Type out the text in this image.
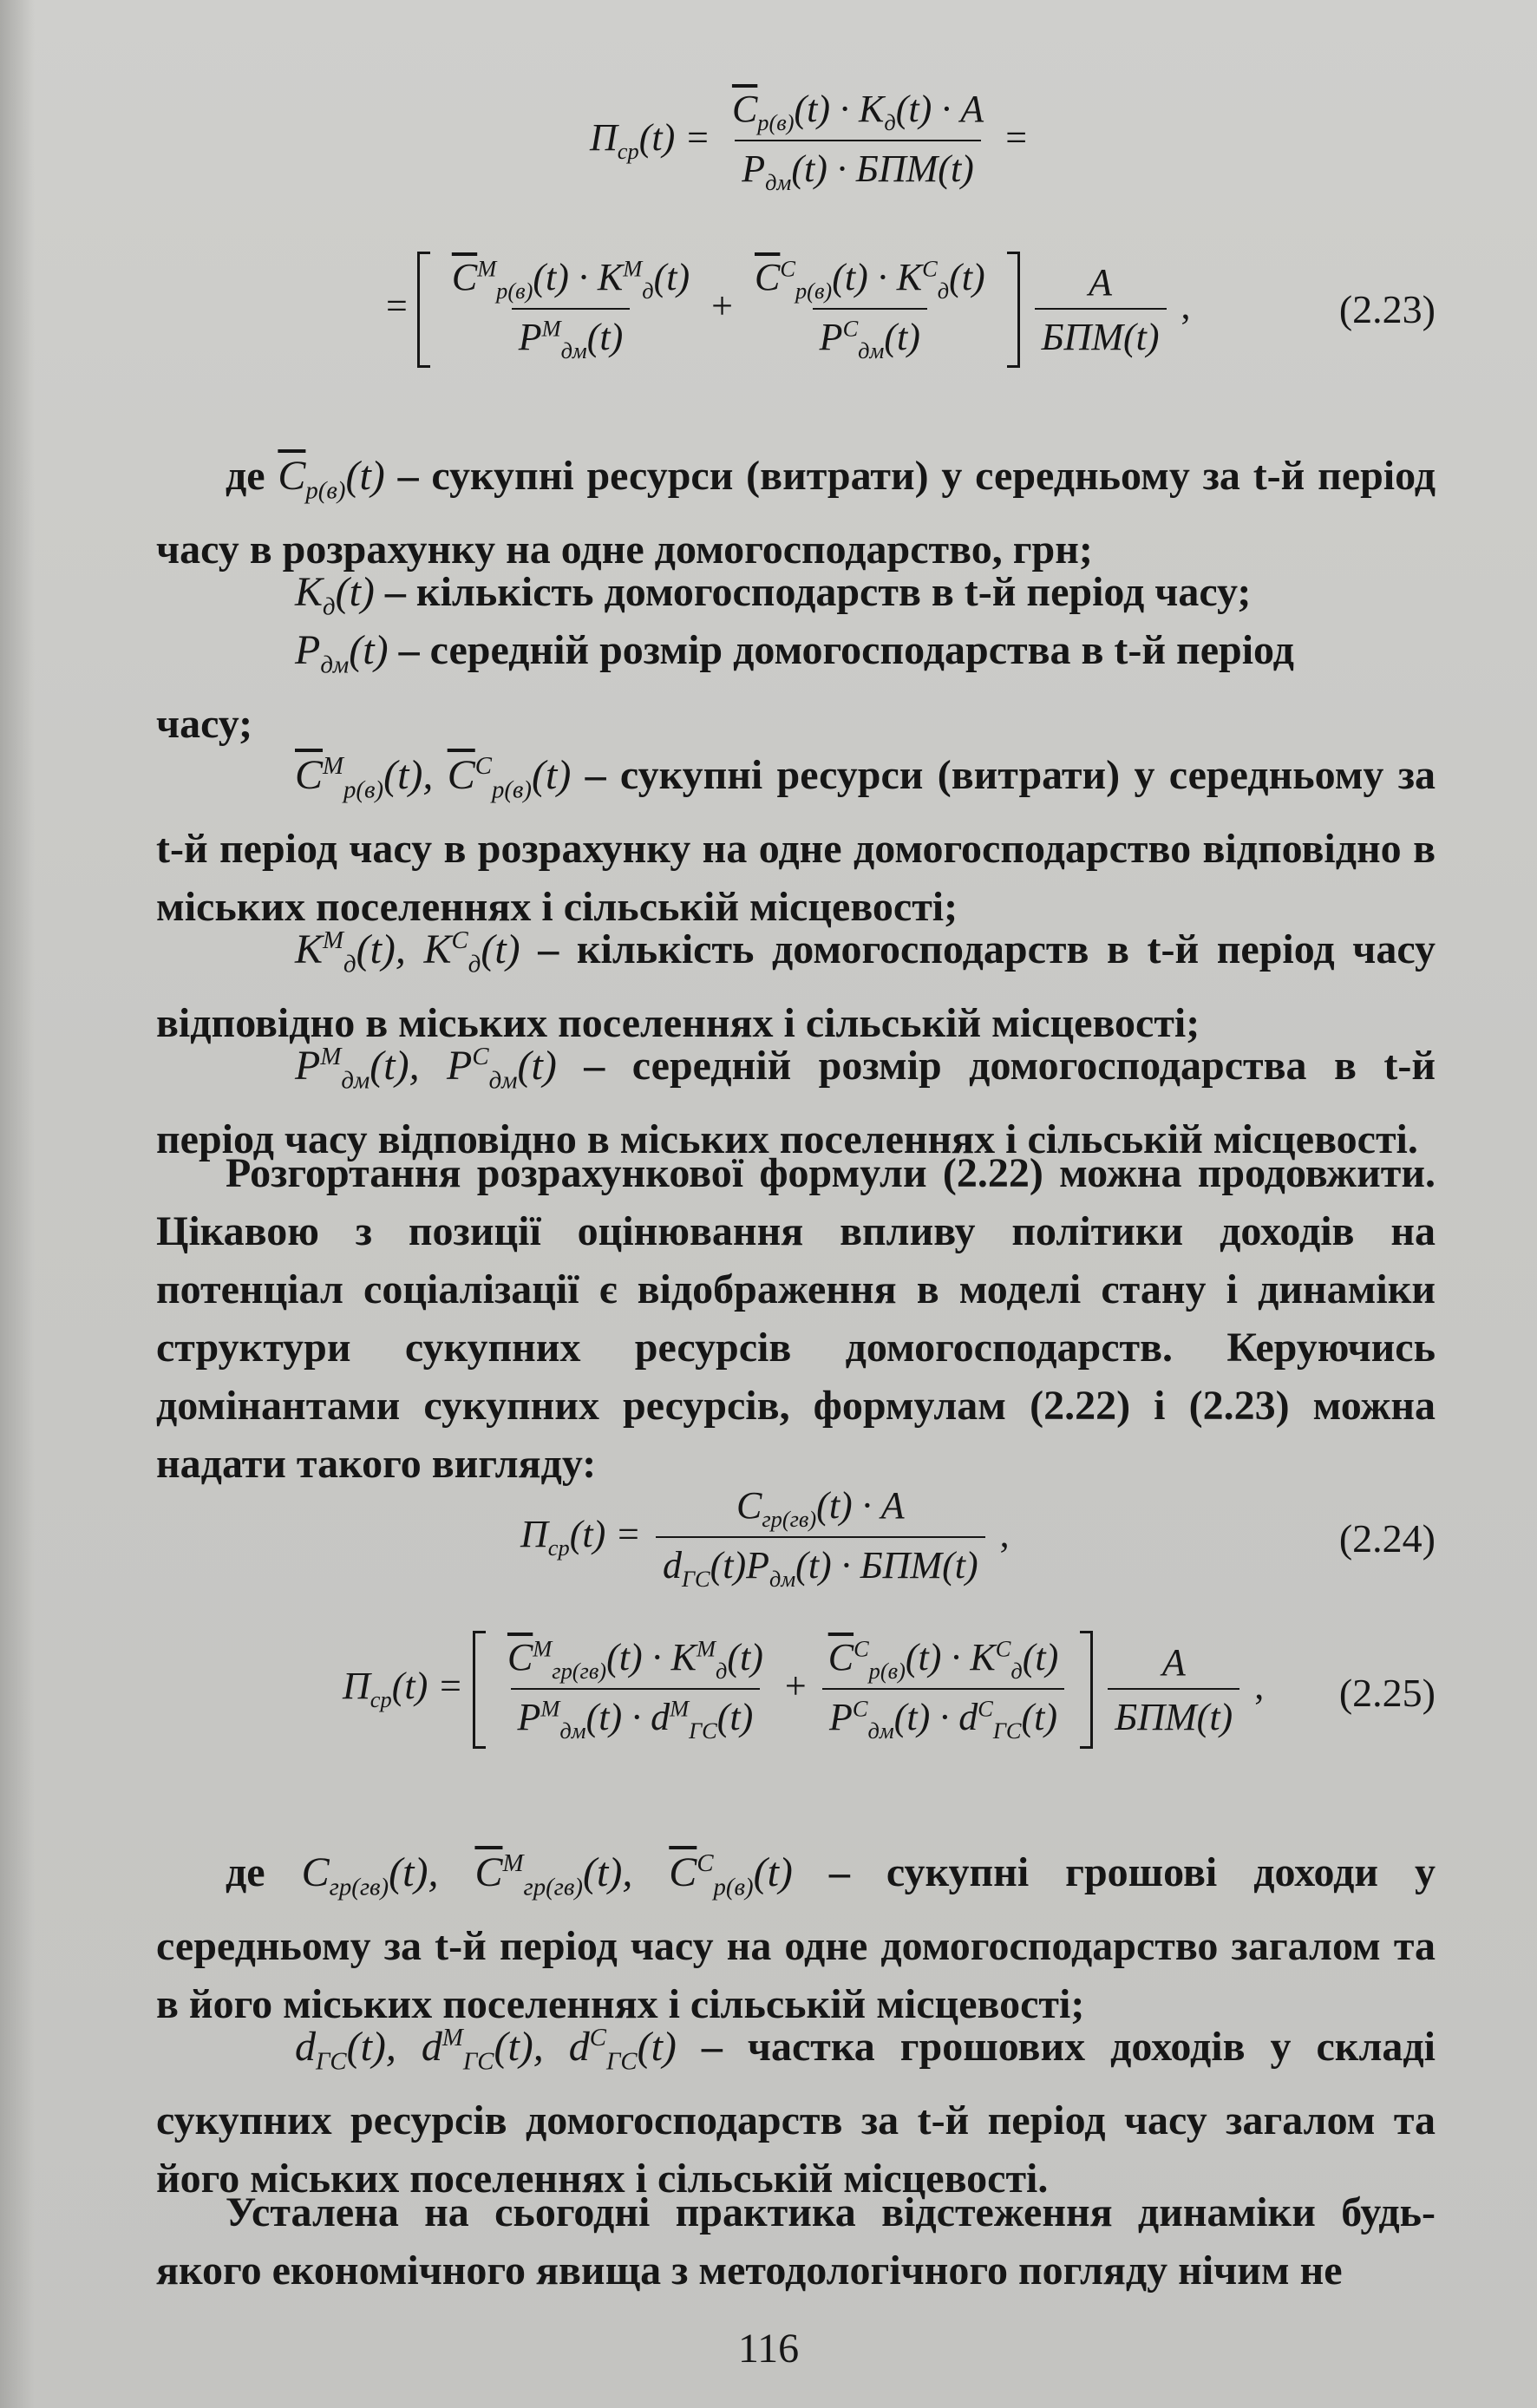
$П_{ср}(t) = \frac{\overline{C}_{р(в)}(t) \cdot K_д(t) \cdot A}{P_{дм}(t) \cdot БПМ(t)}$ =
= $\frac{\overline{C}^М_{р(в)}(t) \cdot K^М_д(t)}{P^М_{дм}(t)} + \frac{\overline{C}^С_{р(в)}(t) \cdot K^С_д(t)}{P^С_{дм}(t)}$
$\frac{A}{\text{БПМ(t)}}$ ,	(2.23)

де $\overline{C}_{р(в)}(t)$ – сукупні ресурси (витрати) у середньому за t-й період часу в розрахунку на одне домогосподарство, грн;

$K_д(t)$ – кількість домогосподарств в t-й період часу;

$P_{дм}(t)$ – середній розмір домогосподарства в t-й період
часу;

$\overline{C}^М_{р(в)}(t)$, $\overline{C}^С_{р(в)}(t)$ – сукупні ресурси (витрати) у середньому за t-й період часу в розрахунку на одне домогосподарство відповідно в міських поселеннях і сільській місцевості;

$K^М_д(t)$, $K^С_д(t)$ – кількість домогосподарств в t-й період часу відповідно в міських поселеннях і сільській місцевості;

$P^М_{дм}(t)$, $P^С_{дм}(t)$ – середній розмір домогосподарства в t-й період часу відповідно в міських поселеннях і сільській місцевості.

Розгортання розрахункової формули (2.22) можна продовжити. Цікавою з позиції оцінювання впливу політики доходів на потенціал соціалізації є відображення в моделі стану і динаміки структури сукупних ресурсів домогосподарств. Керуючись домінантами сукупних ресурсів, формулам (2.22) і (2.23) можна надати такого вигляду:

$П_{ср}(t) = \frac{C_{гр(гв)}(t) \cdot A}{d_{ГС}(t)P_{дм}(t) \cdot БПМ(t)}$ ,	(2.24)
$П_{ср}(t) = \frac{\overline{C}^М_{гр(гв)}(t) \cdot K^М_д(t)}{P^М_{дм}(t) \cdot d^М_{ГС}(t)} + \frac{\overline{C}^С_{р(в)}(t) \cdot K^С_д(t)}{P^С_{дм}(t) \cdot d^С_{ГС}(t)}$
$\frac{A}{\text{БПМ(t)}}$ , (2.25)

де $C_{гр(гв)}(t)$, $\overline{C}^М_{гр(гв)}(t)$, $\overline{C}^С_{р(в)}(t)$ – сукупні грошові доходи у середньому за t-й період часу на одне домогосподарство загалом та в його міських поселеннях і сільській місцевості;

$d_{ГС}(t)$, $d^М_{ГС}(t)$, $d^С_{ГС}(t)$ – частка грошових доходів у складі сукупних ресурсів домогосподарств за t-й період часу загалом та його міських поселеннях і сільській місцевості.

Усталена на сьогодні практика відстеження динаміки будь-якого економічного явища з методологічного погляду нічим не

116
